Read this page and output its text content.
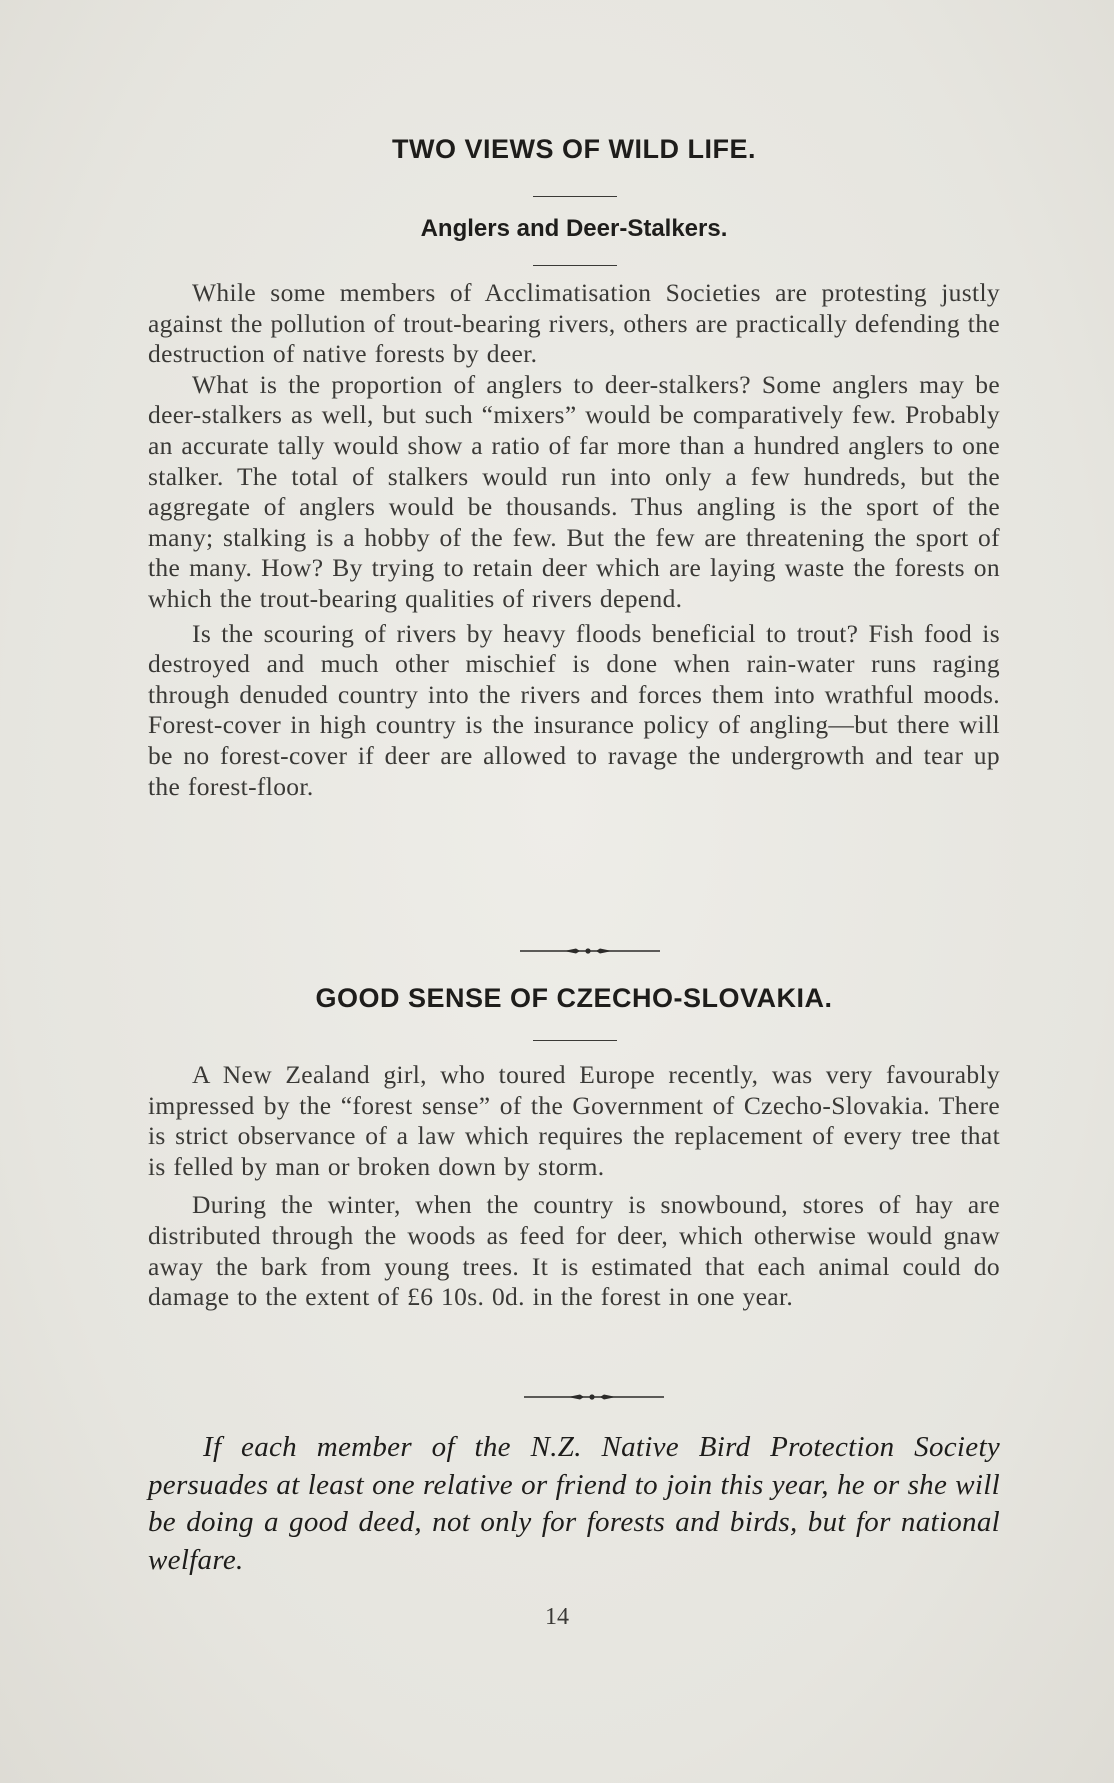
TWO VIEWS OF WILD LIFE.
Anglers and Deer-Stalkers.

While some members of Acclimatisation Societies are protesting justly against the pollution of trout-bearing rivers, others are practically defending the destruction of native forests by deer.

What is the proportion of anglers to deer-stalkers? Some anglers may be deer-stalkers as well, but such “mixers” would be comparatively few. Probably an accurate tally would show a ratio of far more than a hundred anglers to one stalker. The total of stalkers would run into only a few hundreds, but the aggregate of anglers would be thousands. Thus angling is the sport of the many; stalking is a hobby of the few. But the few are threatening the sport of the many. How? By trying to retain deer which are laying waste the forests on which the trout-bearing qualities of rivers depend.

Is the scouring of rivers by heavy floods beneficial to trout? Fish food is destroyed and much other mischief is done when rain-water runs raging through denuded country into the rivers and forces them into wrathful moods. Forest-cover in high country is the insurance policy of angling—but there will be no forest-cover if deer are allowed to ravage the undergrowth and tear up the forest-floor.

GOOD SENSE OF CZECHO-SLOVAKIA.

A New Zealand girl, who toured Europe recently, was very favourably impressed by the “forest sense” of the Government of Czecho-Slovakia. There is strict observance of a law which requires the replacement of every tree that is felled by man or broken down by storm.

During the winter, when the country is snowbound, stores of hay are distributed through the woods as feed for deer, which otherwise would gnaw away the bark from young trees. It is estimated that each animal could do damage to the extent of £6 10s. 0d. in the forest in one year.

If each member of the N.Z. Native Bird Protection Society persuades at least one relative or friend to join this year, he or she will be doing a good deed, not only for forests and birds, but for national welfare.

14
